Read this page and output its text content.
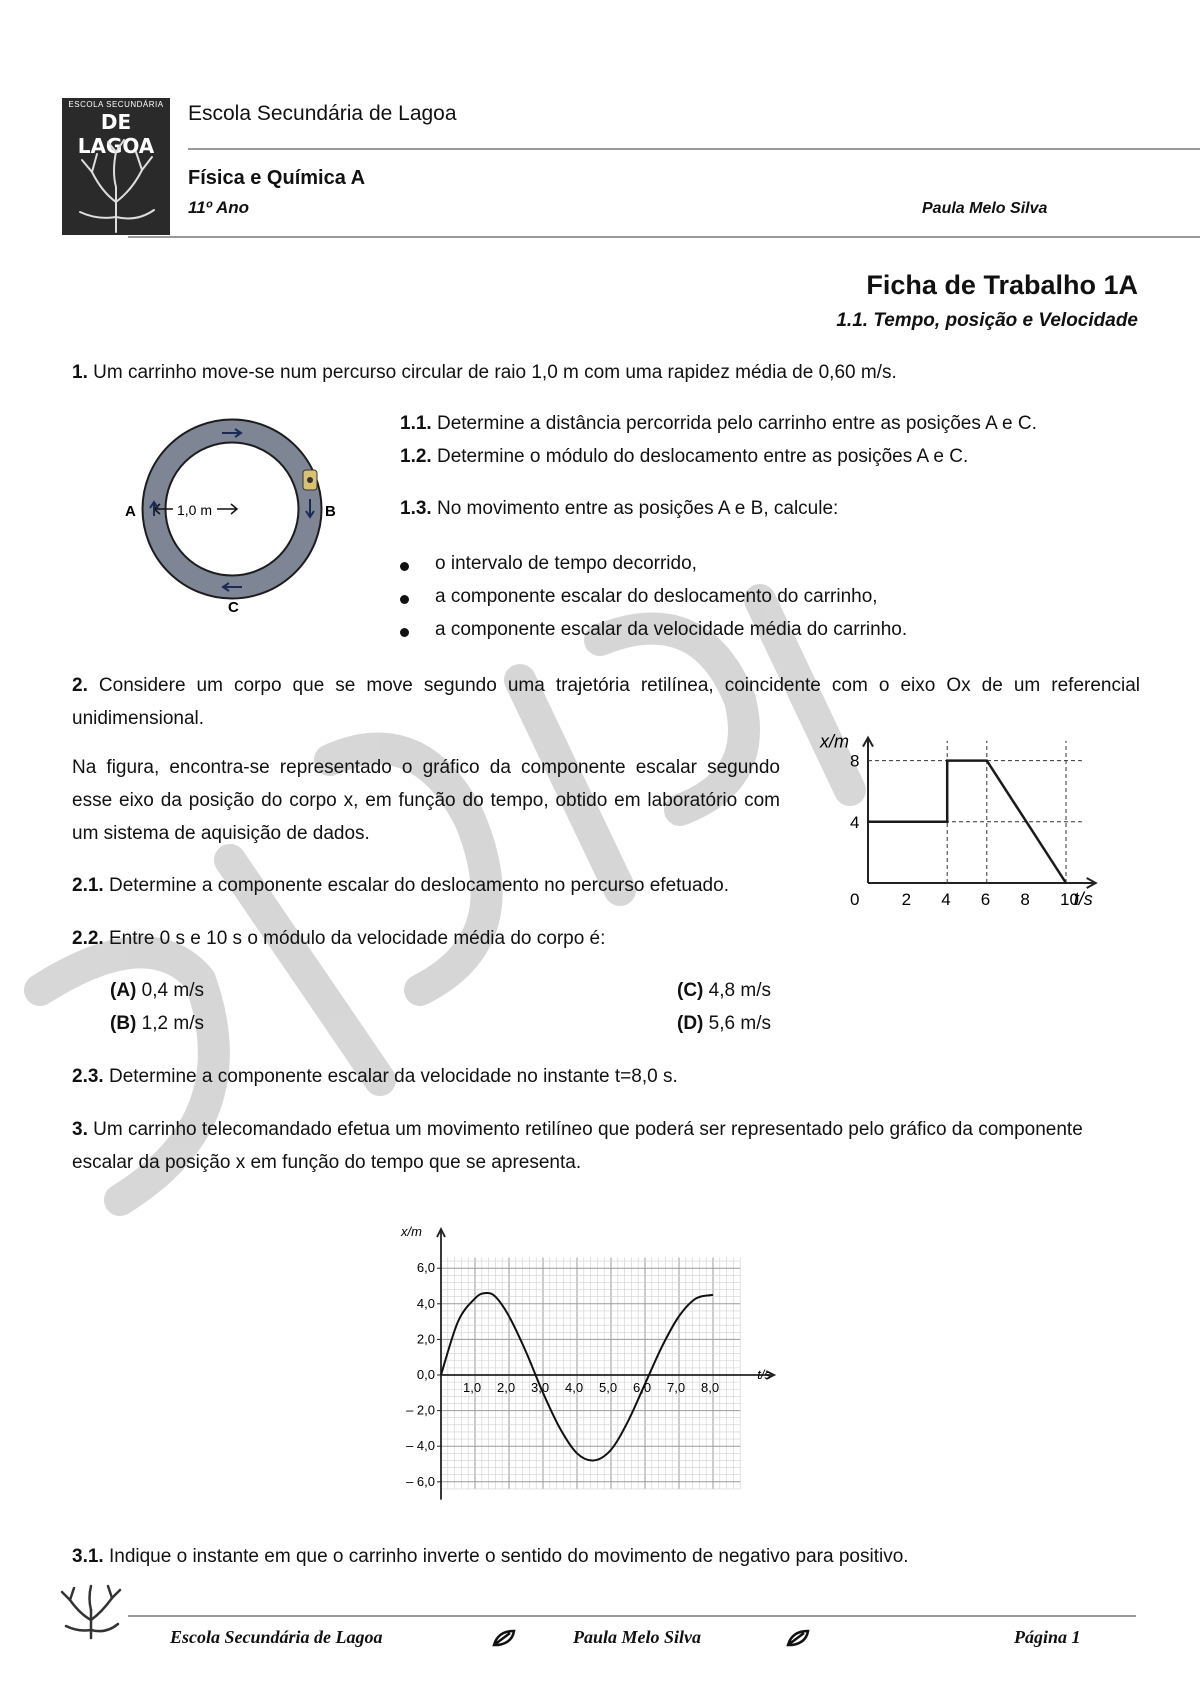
ESCOLA SECUNDÁRIA
DE LAGOA
Escola Secundária de Lagoa
Física e Química A
11º Ano	Paula Melo Silva
Ficha de Trabalho 1A
1.1. Tempo, posição e Velocidade
1. Um carrinho move-se num percurso circular de raio 1,0 m com uma rapidez média de 0,60 m/s.
A	B
C
1,0 m
1.1. Determine a distância percorrida pelo carrinho entre as posições A e C.
1.2. Determine o módulo do deslocamento entre as posições A e C.
1.3. No movimento entre as posições A e B, calcule:
o intervalo de tempo decorrido,
a componente escalar do deslocamento do carrinho,
a componente escalar da velocidade média do carrinho.
2. Considere um corpo que se move segundo uma trajetória retilínea, coincidente com o eixo Ox de um referencial unidimensional.
Na figura, encontra-se representado o gráfico da componente escalar segundo esse eixo da posição do corpo x, em função do tempo, obtido em laboratório com um sistema de aquisição de dados.
x/m
t/s
0 2 4 6 8 10
4
8
2.1. Determine a componente escalar do deslocamento no percurso efetuado.
2.2. Entre 0 s e 10 s o módulo da velocidade média do corpo é:
(A) 0,4 m/s
(B) 1,2 m/s
(C) 4,8 m/s
(D) 5,6 m/s
2.3. Determine a componente escalar da velocidade no instante t=8,0 s.
3. Um carrinho telecomandado efetua um movimento retilíneo que poderá ser representado pelo gráfico da componente escalar da posição x em função do tempo que se apresenta.
x/m
t/s
1,0 2,0 3,0 4,0 5,0 6,0 7,0 8,0
6,0
4,0
2,0
0,0
– 2,0
– 4,0
– 6,0
3.1. Indique o instante em que o carrinho inverte o sentido do movimento de negativo para positivo.
Escola Secundária de Lagoa	Paula Melo Silva	Página 1
